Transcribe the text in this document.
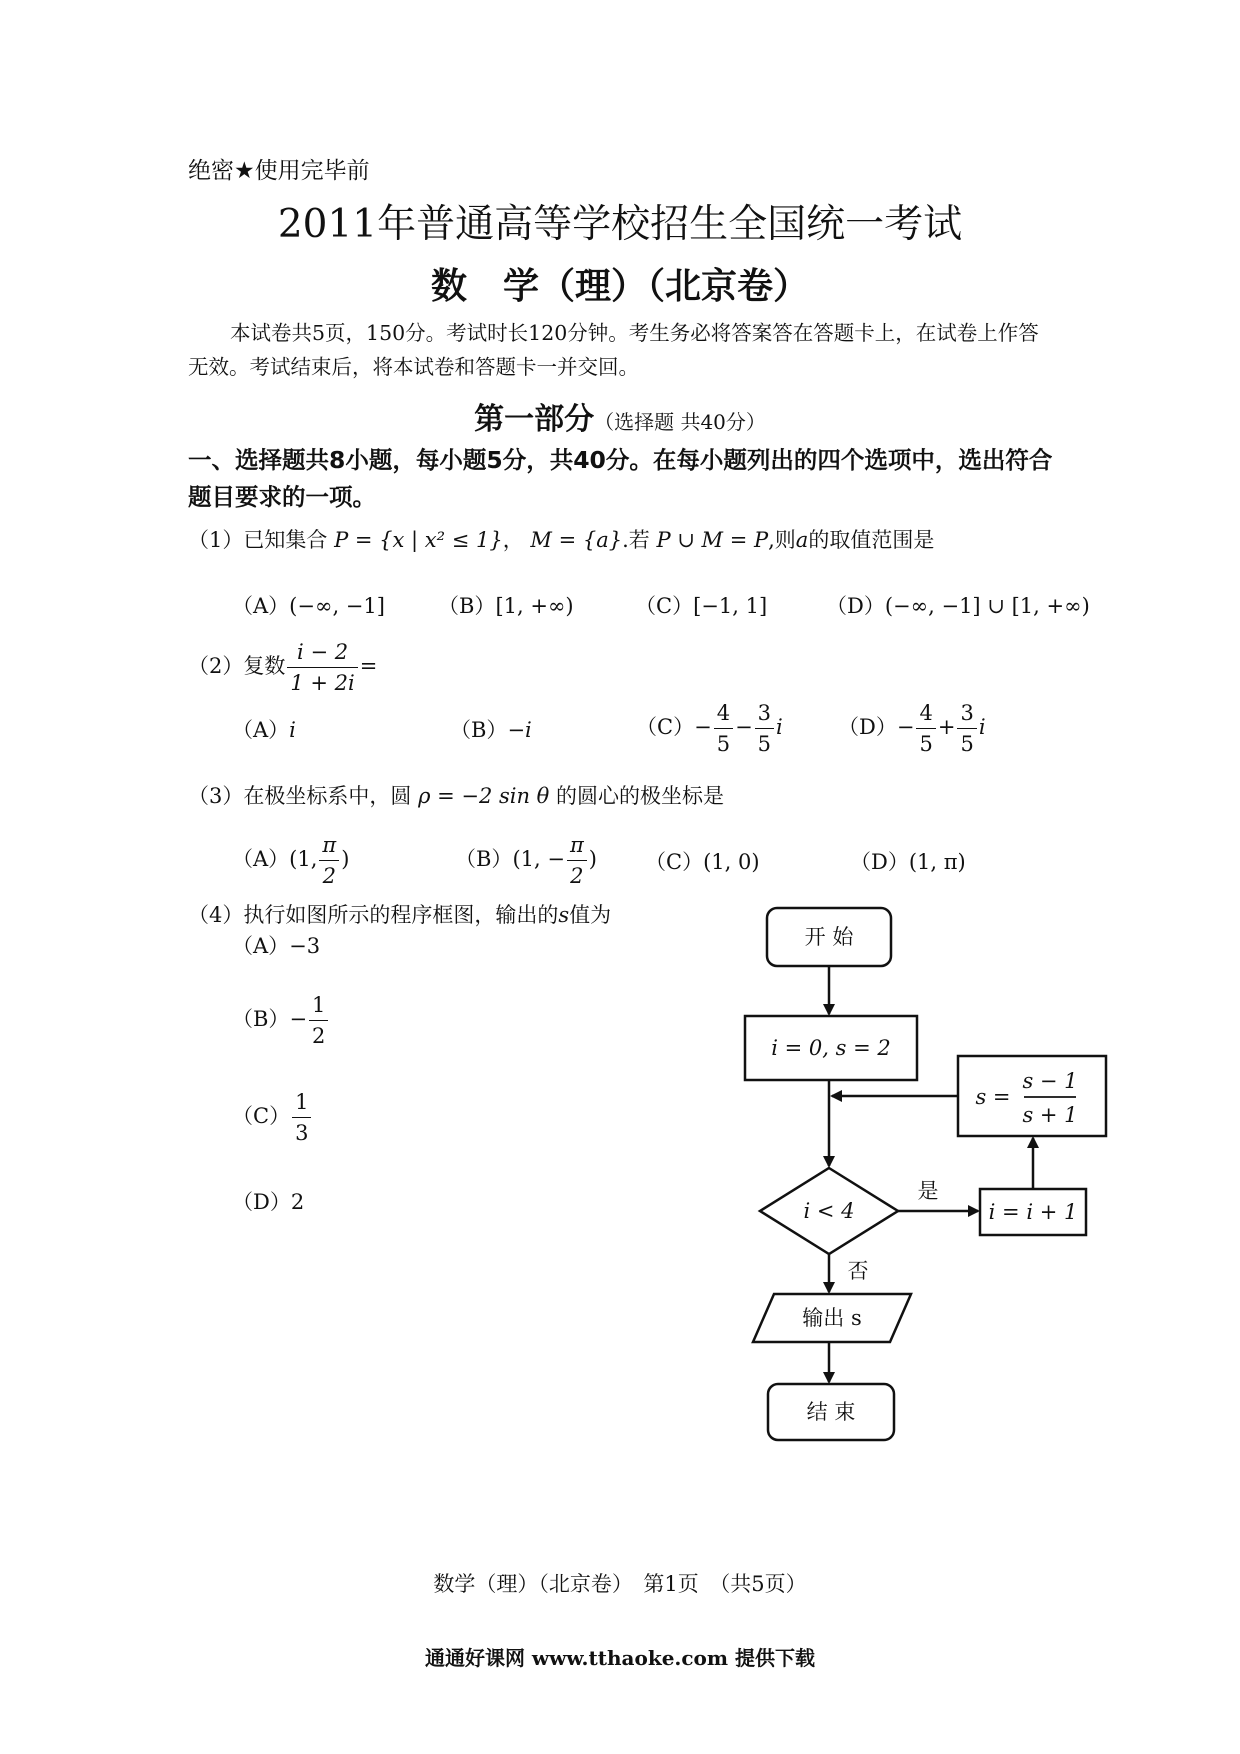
绝密★使用完毕前
2011年普通高等学校招生全国统一考试
数　学（理）（北京卷）
本试卷共5页，150分。考试时长120分钟。考生务必将答案答在答题卡上，在试卷上作答无效。考试结束后，将本试卷和答题卡一并交回。
第一部分（选择题 共40分）
一、选择题共8小题，每小题5分，共40分。在每小题列出的四个选项中，选出符合题目要求的一项。
（1）已知集合 P = {x | x² ≤ 1}， M = {a}.若 P ∪ M = P,则a的取值范围是
（A）(−∞, −1]	（B）[1, +∞)	（C）[−1, 1]	（D）(−∞, −1] ∪ [1, +∞)
（2）复数 $\frac{i - 2}{1 + 2i}$ =
（A）i	（B）−i	$(C)- \frac{4}{5} - \frac{3}{5}$ i	$(D)- \frac{4}{5} + \frac{3}{5}$ i
（3）在极坐标系中，圆 ρ = −2 sin θ 的圆心的极坐标是
（A）(1, $\frac{\pi}{2}$ )	（B）(1, − $\frac{\pi}{2}$ ) （C）(1, 0)	（D）(1, π)
（4）执行如图所示的程序框图，输出的s值为
（A）−3
$(B)- \frac{1}{2}$
$(C) \frac{1}{3}$
（D）2
开 始
i = 0, s = 2
s =
s − 1
s + 1
i < 4
是
i = i + 1
否
输出 s
结 束
数学（理）（北京卷）　第1页　（共5页）
通通好课网 www.tthaoke.com 提供下载
